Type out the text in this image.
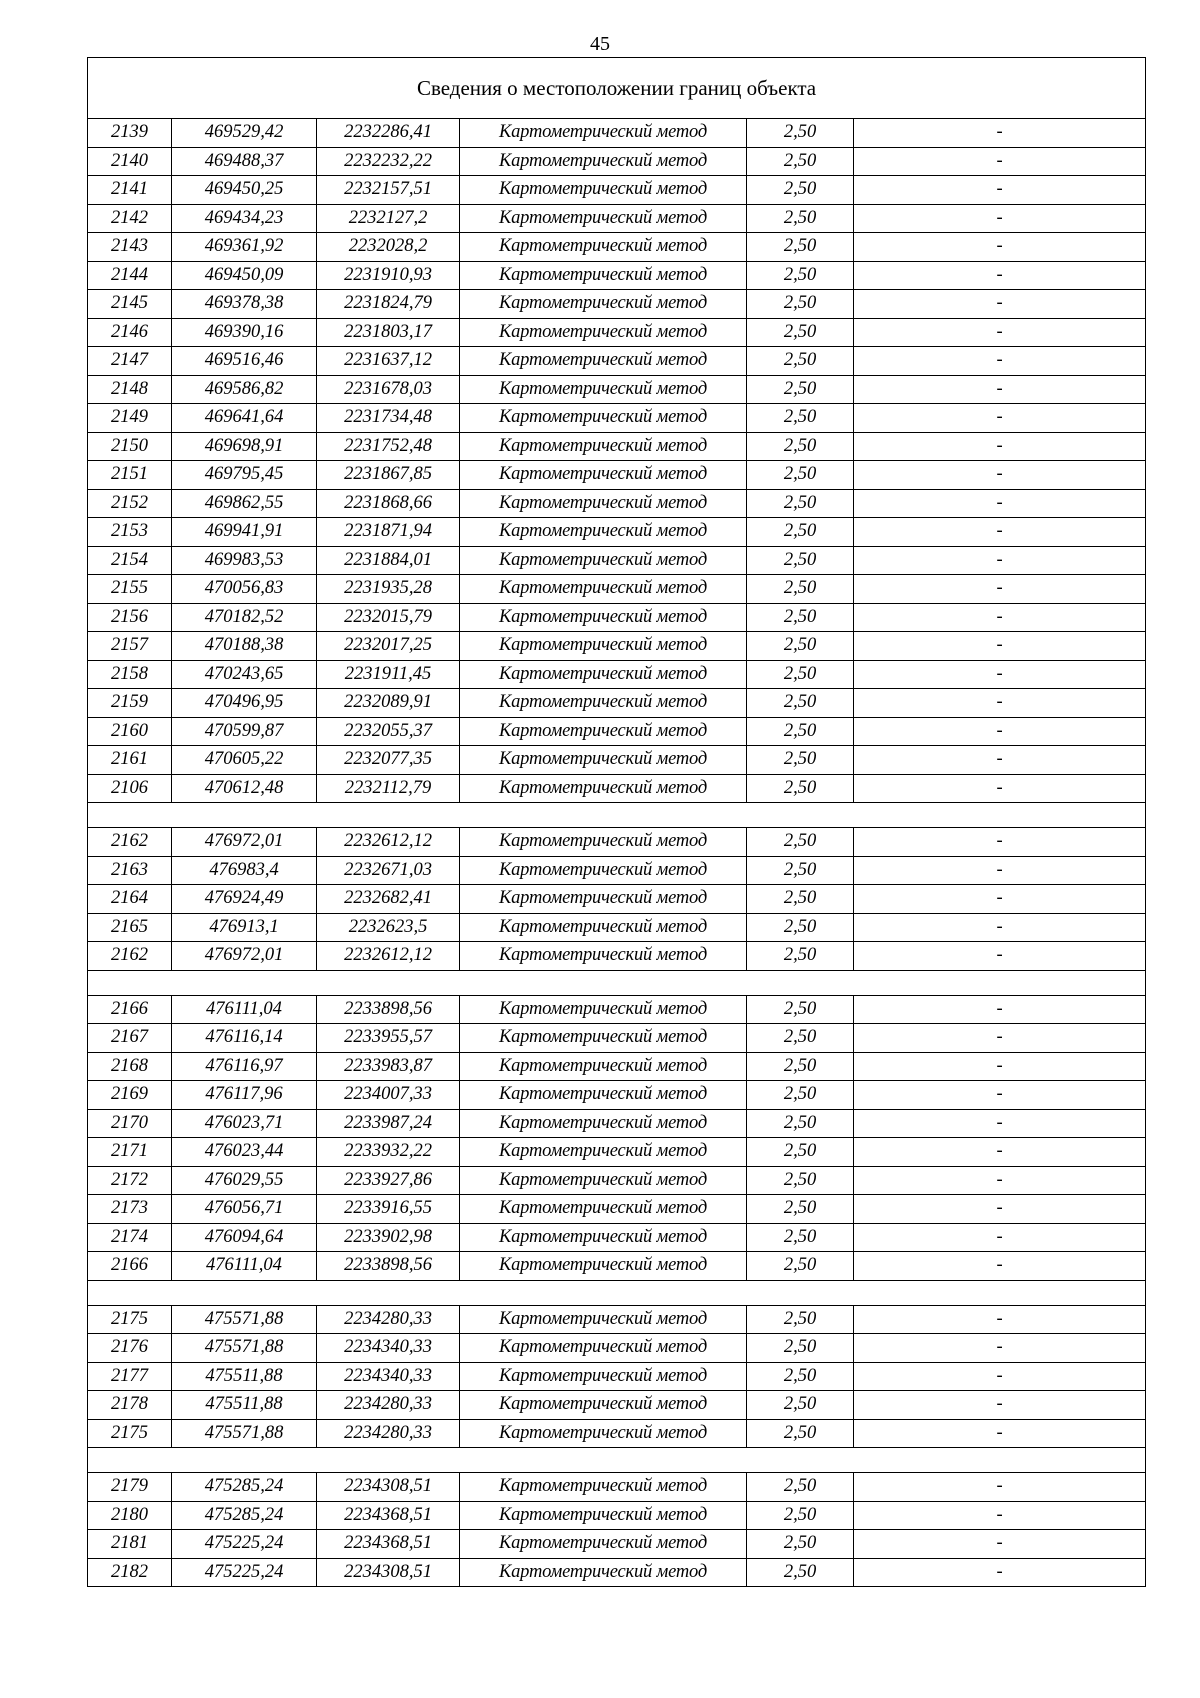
45
Сведения о местоположении границ объекта					
2139	469529,42	2232286,41	Картометрический метод	2,50	-
2140	469488,37	2232232,22	Картометрический метод	2,50	-
2141	469450,25	2232157,51	Картометрический метод	2,50	-
2142	469434,23	2232127,2	Картометрический метод	2,50	-
2143	469361,92	2232028,2	Картометрический метод	2,50	-
2144	469450,09	2231910,93	Картометрический метод	2,50	-
2145	469378,38	2231824,79	Картометрический метод	2,50	-
2146	469390,16	2231803,17	Картометрический метод	2,50	-
2147	469516,46	2231637,12	Картометрический метод	2,50	-
2148	469586,82	2231678,03	Картометрический метод	2,50	-
2149	469641,64	2231734,48	Картометрический метод	2,50	-
2150	469698,91	2231752,48	Картометрический метод	2,50	-
2151	469795,45	2231867,85	Картометрический метод	2,50	-
2152	469862,55	2231868,66	Картометрический метод	2,50	-
2153	469941,91	2231871,94	Картометрический метод	2,50	-
2154	469983,53	2231884,01	Картометрический метод	2,50	-
2155	470056,83	2231935,28	Картометрический метод	2,50	-
2156	470182,52	2232015,79	Картометрический метод	2,50	-
2157	470188,38	2232017,25	Картометрический метод	2,50	-
2158	470243,65	2231911,45	Картометрический метод	2,50	-
2159	470496,95	2232089,91	Картометрический метод	2,50	-
2160	470599,87	2232055,37	Картометрический метод	2,50	-
2161	470605,22	2232077,35	Картометрический метод	2,50	-
2106	470612,48	2232112,79	Картометрический метод	2,50	-

2162	476972,01	2232612,12	Картометрический метод	2,50	-
2163	476983,4	2232671,03	Картометрический метод	2,50	-
2164	476924,49	2232682,41	Картометрический метод	2,50	-
2165	476913,1	2232623,5	Картометрический метод	2,50	-
2162	476972,01	2232612,12	Картометрический метод	2,50	-

2166	476111,04	2233898,56	Картометрический метод	2,50	-
2167	476116,14	2233955,57	Картометрический метод	2,50	-
2168	476116,97	2233983,87	Картометрический метод	2,50	-
2169	476117,96	2234007,33	Картометрический метод	2,50	-
2170	476023,71	2233987,24	Картометрический метод	2,50	-
2171	476023,44	2233932,22	Картометрический метод	2,50	-
2172	476029,55	2233927,86	Картометрический метод	2,50	-
2173	476056,71	2233916,55	Картометрический метод	2,50	-
2174	476094,64	2233902,98	Картометрический метод	2,50	-
2166	476111,04	2233898,56	Картометрический метод	2,50	-

2175	475571,88	2234280,33	Картометрический метод	2,50	-
2176	475571,88	2234340,33	Картометрический метод	2,50	-
2177	475511,88	2234340,33	Картометрический метод	2,50	-
2178	475511,88	2234280,33	Картометрический метод	2,50	-
2175	475571,88	2234280,33	Картометрический метод	2,50	-

2179	475285,24	2234308,51	Картометрический метод	2,50	-
2180	475285,24	2234368,51	Картометрический метод	2,50	-
2181	475225,24	2234368,51	Картометрический метод	2,50	-
2182	475225,24	2234308,51	Картометрический метод	2,50	-
